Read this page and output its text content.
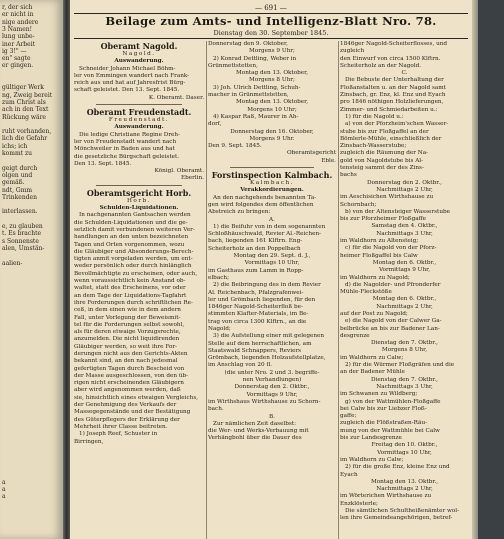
r, der sich
er nicht in
nige andere
3 Namen!
lung unbe-
iner Arbeit
ig 3!" —
en" sagte
er gingen.
gültiger Werk
ng, Zweig bereit
zum Christ als
ach in den Text
Rückung wäre
ruht vorhanden,
lich die Gefahr
ichs; ich
kommt zu
geigt durch
olgen und
gemäß.
ndt, Gmm
Trinkenden
interlassen.
e, zu glauben
t. Es brachte
s Sonnenste
alen, Umstän-
aalien-
a
a
a
— 691 —
Beilage zum Amts- und Intelligenz-Blatt Nro. 78.
Dienstag den 30. September 1845.
Oberamt Nagold.
Nagold.
Auswanderung.
Schneider Johann Michael Böhm-
ler von Emmingen wandert nach Frank-
reich aus und hat auf Jahresfrist Bürg-
schaft geleistet. Den 13. Sept. 1845.
K. Oberamt. Daser.
Oberamt Freudenstadt.
Freudenstadt.
Auswanderung.
Die ledige Christiane Regine Dreh-
ler von Freudenstadt wandert nach
Mönchweiler in Baden aus und hat
die gesetzliche Bürgschaft geleistet.
Den 13. Sept. 1845.
Königl. Oberamt.
Eberlin.
Oberamtsgericht Horb.
Horb.
Schulden-Liquidationen.
In nachgenannten Gantsachen werden
die Schulden-Liquidationen und die ge-
setzlich damit verbundenen weiteren Ver-
handlungen an den unten bezeichneten
Tagen und Orten vorgenommen, wozu
die Gläubiger und Absonderungs-Berech-
tigten anmit vorgeladen werden, um ent-
weder persönlich oder durch hinlänglich
Bevollmächtigte zu erscheinen, oder auch,
wenn voraussichtlich kein Anstand ob-
waltet, statt des Erscheinens, vor oder
an dem Tage der Liquidations-Tagfahrt
ihre Forderungen durch schriftlichen Re-
ceß, in dem einen wie in dem andern
Fall, unter Vorlegung der Beweismit-
tel für die Forderungen selbst sowohl,
als für deren etwaige Vorzugsrechte,
anzumelden. Die nicht liquidirenden
Gläubiger werden, so weit ihre For-
derungen nicht aus den Gerichts-Akten
bekannt sind, an den nach jedesmal
gefertigten Tagen durch Bescheid von
der Masse ausgeschlossen, von den üb-
rigen nicht erscheinenden Gläubigern
aber wird angenommen werden, daß
sie, hinsichtlich eines etwaigen Vergleichs,
der Genehmigung des Verkaufs der
Massegegenstände und der Bestätigung
des Güterpflegers der Erklärung der
Mehrheit ihrer Classe beitreten.
1) Joseph Reef, Schuster in
Birringen,
Donnerstag den 9. Oktober,
Morgens 9 Uhr;
2) Konrad Dettling, Weber in
Grünmettstetten,
Montag den 13. Oktober,
Morgens 8 Uhr;
3) Joh. Ulrich Dettling, Schuh-
macher in Grünmettstetten,
Montag den 13. Oktober,
Morgens 10 Uhr;
4) Kaspar Raß, Maurer in Ah-
dorf,
Donnerstag den 16. Oktober,
Morgens 9 Uhr.
Den 9. Sept. 1845.
Oberamtsgericht
Eble.
Forstinspection Kalmbach.
Kalmbach.
Verakkordierungen.
An den nachgehends benannten Ta-
gen wird folgendes dem öffentlichen
Abstreich zu bringen:
A.
1) die Beifuhr von in dem sogenannten
Schloßhäuschwald, Revier Al.-Reichen-
bach, liegenden 161 Klftrn. Eng-
Scheiterholz an den Poppelbach
Montag den 29. Sept. d. J.,
Vormittags 10 Uhr,
im Gasthaus zum Lamm in Ropp-
elbach;
2) die Beibringung des in dem Revier
Al. Reichenbach, Pfalzgrafenwei-
ler und Grömbach liegenden, für den
1846ger Nagold-Scheiterfloß be-
stimmten Klafter-Materials, im Be-
trag von circa 1300 Klftrn., an die
Nagold;
3) die Aufstellung einer mit gelegenen
Stelle auf dem herrschaftlichen, am
Staatswald Schnappers, Reviers
Grömbach, liegenden Holzaufstellplatze,
im Anschlag von 20 fl.
(die unter Nro. 2 und 3. begriffe-
nen Verhandlungen)
Donnerstag den 2. Oktbr.,
Vormittags 9 Uhr,
im Wirthshaus Wirthshause zu Schorn-
bach.
B.
Zur nämlichen Zeit daselbst:
die Wer- und Werks-Verbauung mit
Verhängbohl über die Dauer des
1846ger Nagold-Scheiterflosses, und
zugleich
den Einwurf von circa 1500 Klftrn.
Scheiterholz an der Nagold.
C.
Die Bebuste der Unterhaltung der
Floßanstalten u. an der Nagold samt
Zinsbach, gr. Enz, kl. Enz und Eyach
pro 1846 nöthigen Holzlieferungen,
Zimmer- und Schmiedarbeiten u.:
1) für die Nagold u.:
a) von der Pforzheim'schen Wasser-
stube bis zur Floßgaffel an der
Bömlerle-Mühle, einschließlich der
Zinsbach-Wasserstube;
zugleich die Räumung der Na-
gold von Nagoldstube bis Al-
tensteig sammt der des Zins-
bachs
Donnerstag den 2. Oktbr.,
Nachmittags 2 Uhr,
im Aeschisichen Wirthshause zu
Schornbach;
b) von der Altensteiger Wasserstube
bis zur Pforzheimer Floßgaffe
Samstag den 4. Oktbr.,
Nachmittags 3 Uhr,
im Waldhorn zu Altensteig;
c) für die Nagold von der Pforz-
heimer Floßgaffel bis Calw
Montag den 6. Oktbr.,
Vormittags 9 Uhr,
im Waldhorn zu Nagold;
d) die Nagolder- und Pfronderfer
Mühle-Fleckstöße
Montag den 6. Oktbr.,
Nachmittags 2 Uhr,
auf der Post zu Nagold;
e) die Nagold von der Calwer Ga-
belbrücke an bis zur Badener Lan-
desgrenze
Dienstag den 7. Oktbr.,
Morgens 8 Uhr,
im Waldhorn zu Calw;
2) für die Würmer Floßgräfen und die
an der Badener Mühle
Dienstag den 7. Oktbr.,
Nachmittags 3 Uhr,
im Schwanen zu Wildberg;
g) von der Wattmühlen-Floßgaffe
bei Calw bis zur Liebzer Floß-
gaffe;
zugleich die Flößstraßen-Räu-
mung von der Wattmühle bei Calw
bis zur Landesgrenze
Freitag den 10. Oktbr.,
Vormittags 10 Uhr,
im Waldhorn zu Calw;
2) für die große Enz, kleine Enz und
Eyach
Montag den 13. Oktbr.,
Nachmittags 2 Uhr,
im Wörterichen Wirthshause zu
Enzklösterle;
Die sämtlichen Schultheißenämter wol-
len ihre Gemeindeangehörigen, betref-
